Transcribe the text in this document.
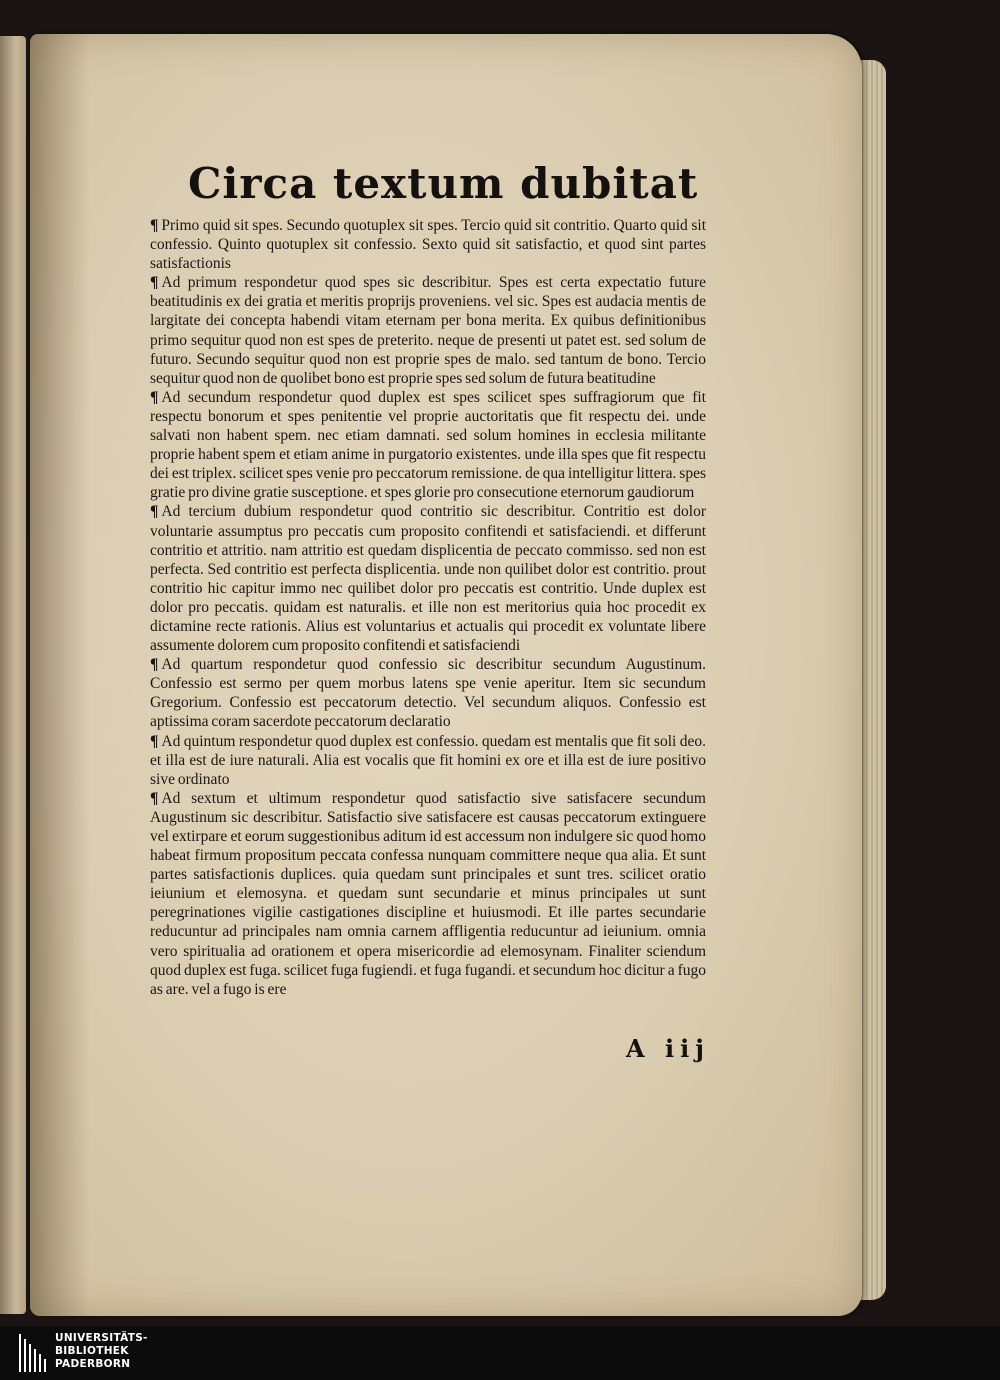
Circa textum dubitat

¶ Primo quid sit spes. Secundo quotuplex sit spes. Tercio quid sit contritio. Quarto quid sit confessio. Quinto quotuplex sit confessio. Sexto quid sit satisfactio, et quod sint partes satisfactionis

¶ Ad primum respondetur quod spes sic describitur. Spes est certa expectatio future beatitudinis ex dei gratia et meritis proprijs proveniens. vel sic. Spes est audacia mentis de largitate dei concepta habendi vitam eternam per bona merita. Ex quibus definitionibus primo sequitur quod non est spes de preterito. neque de presenti ut patet est. sed solum de futuro. Secundo sequitur quod non est proprie spes de malo. sed tantum de bono. Tercio sequitur quod non de quolibet bono est proprie spes sed solum de futura beatitudine

¶ Ad secundum respondetur quod duplex est spes scilicet spes suffragiorum que fit respectu bonorum et spes penitentie vel proprie auctoritatis que fit respectu dei. unde salvati non habent spem. nec etiam damnati. sed solum homines in ecclesia militante proprie habent spem et etiam anime in purgatorio existentes. unde illa spes que fit respectu dei est triplex. scilicet spes venie pro peccatorum remissione. de qua intelligitur littera. spes gratie pro divine gratie susceptione. et spes glorie pro consecutione eternorum gaudiorum

¶ Ad tercium dubium respondetur quod contritio sic describitur. Contritio est dolor voluntarie assumptus pro peccatis cum proposito confitendi et satisfaciendi. et differunt contritio et attritio. nam attritio est quedam displicentia de peccato commisso. sed non est perfecta. Sed contritio est perfecta displicentia. unde non quilibet dolor est contritio. prout contritio hic capitur immo nec quilibet dolor pro peccatis est contritio. Unde duplex est dolor pro peccatis. quidam est naturalis. et ille non est meritorius quia hoc procedit ex dictamine recte rationis. Alius est voluntarius et actualis qui procedit ex voluntate libere assumente dolorem cum proposito confitendi et satisfaciendi

¶ Ad quartum respondetur quod confessio sic describitur secundum Augustinum. Confessio est sermo per quem morbus latens spe venie aperitur. Item sic secundum Gregorium. Confessio est peccatorum detectio. Vel secundum aliquos. Confessio est aptissima coram sacerdote peccatorum declaratio

¶ Ad quintum respondetur quod duplex est confessio. quedam est mentalis que fit soli deo. et illa est de iure naturali. Alia est vocalis que fit homini ex ore et illa est de iure positivo sive ordinato

¶ Ad sextum et ultimum respondetur quod satisfactio sive satisfacere secundum Augustinum sic describitur. Satisfactio sive satisfacere est causas peccatorum extinguere vel extirpare et eorum suggestionibus aditum id est accessum non indulgere sic quod homo habeat firmum propositum peccata confessa nunquam committere neque qua alia. Et sunt partes satisfactionis duplices. quia quedam sunt principales et sunt tres. scilicet oratio ieiunium et elemosyna. et quedam sunt secundarie et minus principales ut sunt peregrinationes vigilie castigationes discipline et huiusmodi. Et ille partes secundarie reducuntur ad principales nam omnia carnem affligentia reducuntur ad ieiunium. omnia vero spiritualia ad orationem et opera misericordie ad elemosynam. Finaliter sciendum quod duplex est fuga. scilicet fuga fugiendi. et fuga fugandi. et secundum hoc dicitur a fugo as are. vel a fugo is ere

A iij
UNIVERSITÄTS-
BIBLIOTHEK
PADERBORN
